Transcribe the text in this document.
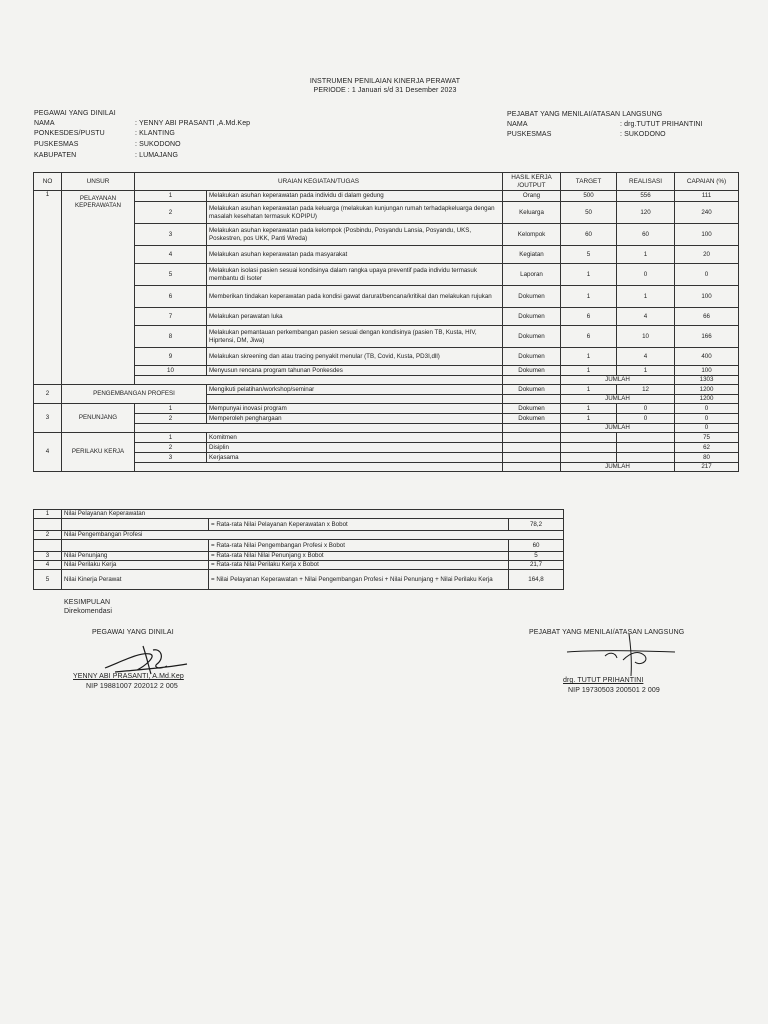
INSTRUMEN PENILAIAN KINERJA PERAWAT
PERIODE : 1 Januari s/d 31 Desember 2023
PEGAWAI YANG DINILAI
NAMA	: YENNY ABI PRASANTI ,A.Md.Kep
PONKESDES/PUSTU	: KLANTING
PUSKESMAS	: SUKODONO
KABUPATEN	: LUMAJANG
PEJABAT YANG MENILAI/ATASAN LANGSUNG
NAMA	: drg.TUTUT PRIHANTINI
PUSKESMAS	: SUKODONO
NO	UNSUR	URAIAN KEGIATAN/TUGAS		HASIL KERJA /OUTPUT	TARGET	REALISASI	CAPAIAN (%)
1	PELAYANAN KEPERAWATAN	1	Melakukan asuhan keperawatan pada individu di dalam gedung	Orang	500	556	111
		2	Melakukan asuhan keperawatan pada keluarga (melakukan kunjungan rumah terhadapkeluarga dengan masalah kesehatan termasuk KOPIPU)	Keluarga	50	120	240
		3	Melakukan asuhan keperawatan pada kelompok (Posbindu, Posyandu Lansia, Posyandu, UKS, Poskestren, pos UKK, Panti Wreda)	Kelompok	60	60	100
		4	Melakukan asuhan keperawatan pada masyarakat	Kegiatan	5	1	20
		5	Melakukan isolasi pasien sesuai kondisinya dalam rangka upaya preventif pada individu termasuk membantu di Isoter	Laporan	1	0	0
		6	Memberikan tindakan keperawatan pada kondisi gawat darurat/bencana/kritikal dan melakukan rujukan	Dokumen	1	1	100
		7	Melakukan perawatan luka	Dokumen	6	4	66
		8	Melakukan pemantauan perkembangan pasien sesuai dengan kondisinya (pasien TB, Kusta, HIV, Hiprtensi, DM, Jiwa)	Dokumen	6	10	166
		9	Melakukan skreening dan atau tracing penyakit menular (TB, Covid, Kusta, PD3I,dll)	Dokumen	1	4	400
		10	Menyusun rencana program tahunan Ponkesdes	Dokumen	1	1	100
					JUMLAH		1303
2	PENGEMBANGAN PROFESI		Mengikuti pelatihan/workshop/seminar	Dokumen	1	12	1200
					JUMLAH		1200
3	PENUNJANG	1	Mempunyai inovasi program	Dokumen	1	0	0
		2	Memperoleh penghargaan	Dokumen	1	0	0
					JUMLAH		0
4	PERILAKU KERJA	1	Komitmen				75
		2	Disiplin				62
		3	Kerjasama				80
					JUMLAH		217
1	Nilai Pelayanan Keperawatan		
		= Rata-rata Nilai Pelayanan Keperawatan x Bobot	78,2
2	Nilai Pengembangan Profesi		
		= Rata-rata Nilai Pengembangan Profesi x Bobot	60
3	Nilai Penunjang	= Rata-rata Nilai Nilai Penunjang x Bobot	5
4	Nilai Perilaku Kerja	= Rata-rata Nilai Perilaku Kerja x Bobot	21,7
5	Nilai Kinerja Perawat	= Nilai Pelayanan Keperawatan + Nilai Pengembangan Profesi + Nilai Penunjang + Nilai Perilaku Kerja	164,8
KESIMPULAN
Direkomendasi
PEGAWAI YANG DINILAI
YENNY ABI PRASANTI, A.Md.Kep
NIP 19881007 202012 2 005
PEJABAT YANG MENILAI/ATASAN LANGSUNG
drg. TUTUT PRIHANTINI
NIP 19730503 200501 2 009
